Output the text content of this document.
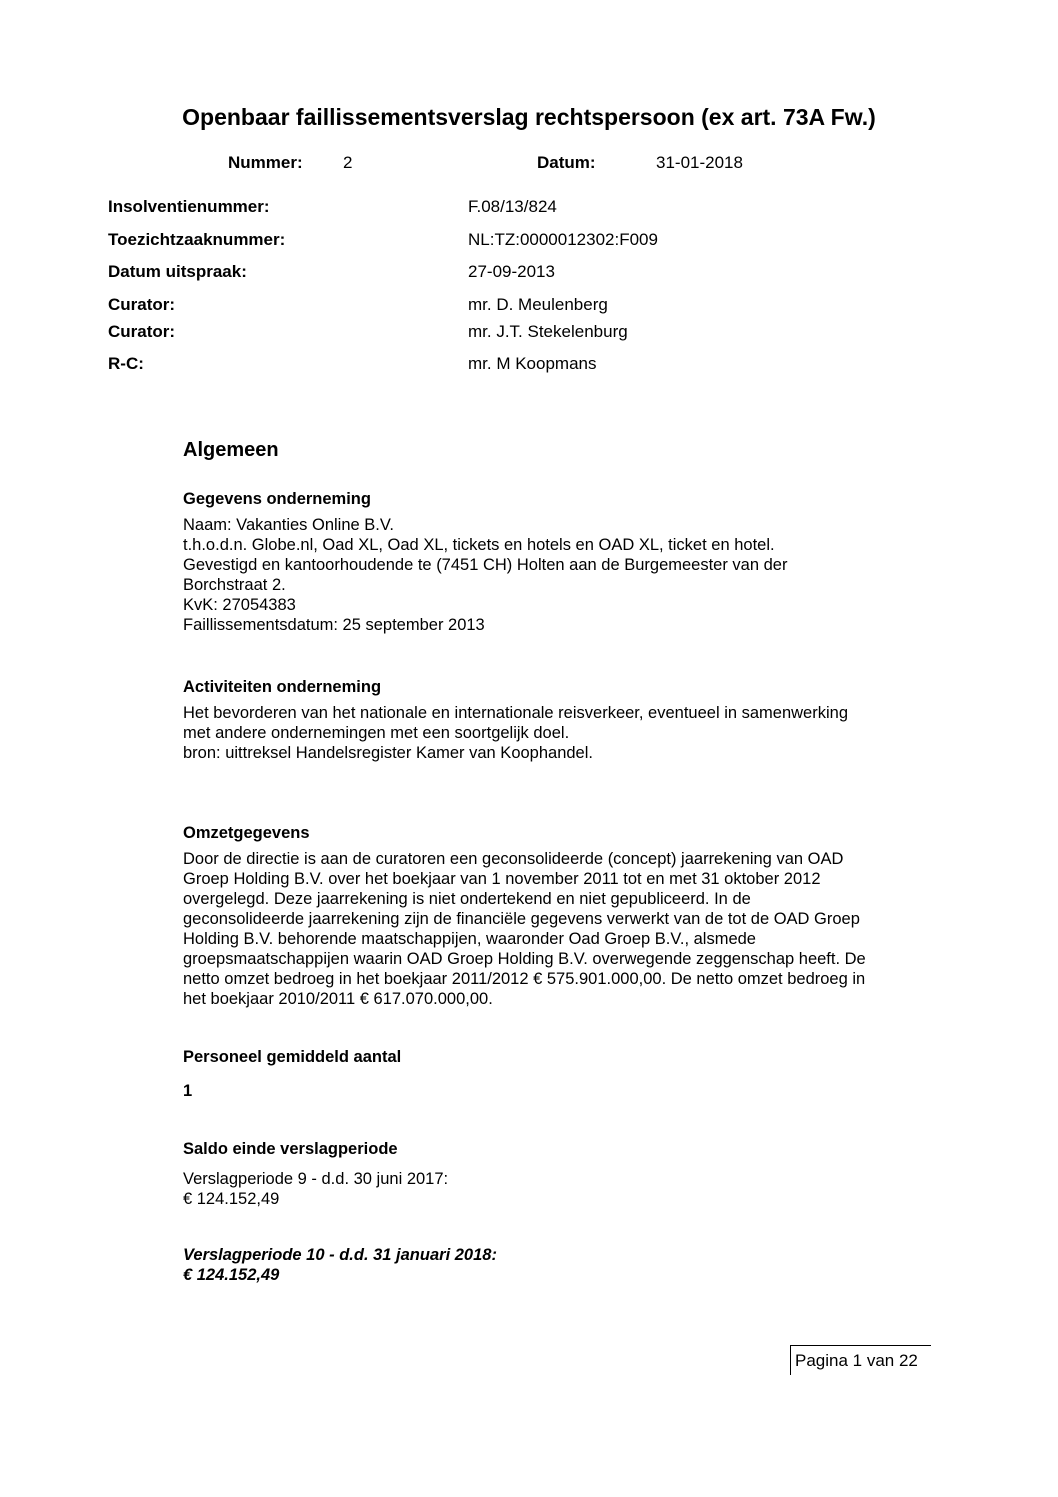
Openbaar faillissementsverslag rechtspersoon (ex art. 73A Fw.)
Nummer: 2	Datum:	31-01-2018
Insolventienummer:	F.08/13/824
Toezichtzaaknummer:	NL:TZ:0000012302:F009
Datum uitspraak:	27-09-2013
Curator:	mr. D. Meulenberg
Curator:	mr. J.T. Stekelenburg
R-C:	mr. M Koopmans
Algemeen

Gegevens onderneming

Naam: Vakanties Online B.V.
t.h.o.d.n. Globe.nl, Oad XL, Oad XL, tickets en hotels en OAD XL, ticket en hotel.
Gevestigd en kantoorhoudende te (7451 CH) Holten aan de Burgemeester van der
Borchstraat 2.
KvK: 27054383
Faillissementsdatum: 25 september 2013

Activiteiten onderneming

Het bevorderen van het nationale en internationale reisverkeer, eventueel in samenwerking
met andere ondernemingen met een soortgelijk doel.
bron: uittreksel Handelsregister Kamer van Koophandel.

Omzetgegevens

Door de directie is aan de curatoren een geconsolideerde (concept) jaarrekening van OAD
Groep Holding B.V. over het boekjaar van 1 november 2011 tot en met 31 oktober 2012
overgelegd. Deze jaarrekening is niet ondertekend en niet gepubliceerd. In de
geconsolideerde jaarrekening zijn de financiële gegevens verwerkt van de tot de OAD Groep
Holding B.V. behorende maatschappijen, waaronder Oad Groep B.V., alsmede
groepsmaatschappijen waarin OAD Groep Holding B.V. overwegende zeggenschap heeft. De
netto omzet bedroeg in het boekjaar 2011/2012 € 575.901.000,00. De netto omzet bedroeg in
het boekjaar 2010/2011 € 617.070.000,00.

Personeel gemiddeld aantal

1

Saldo einde verslagperiode

Verslagperiode 9 - d.d. 30 juni 2017:
€ 124.152,49

Verslagperiode 10 - d.d. 31 januari 2018:
€ 124.152,49

Pagina 1 van 22
